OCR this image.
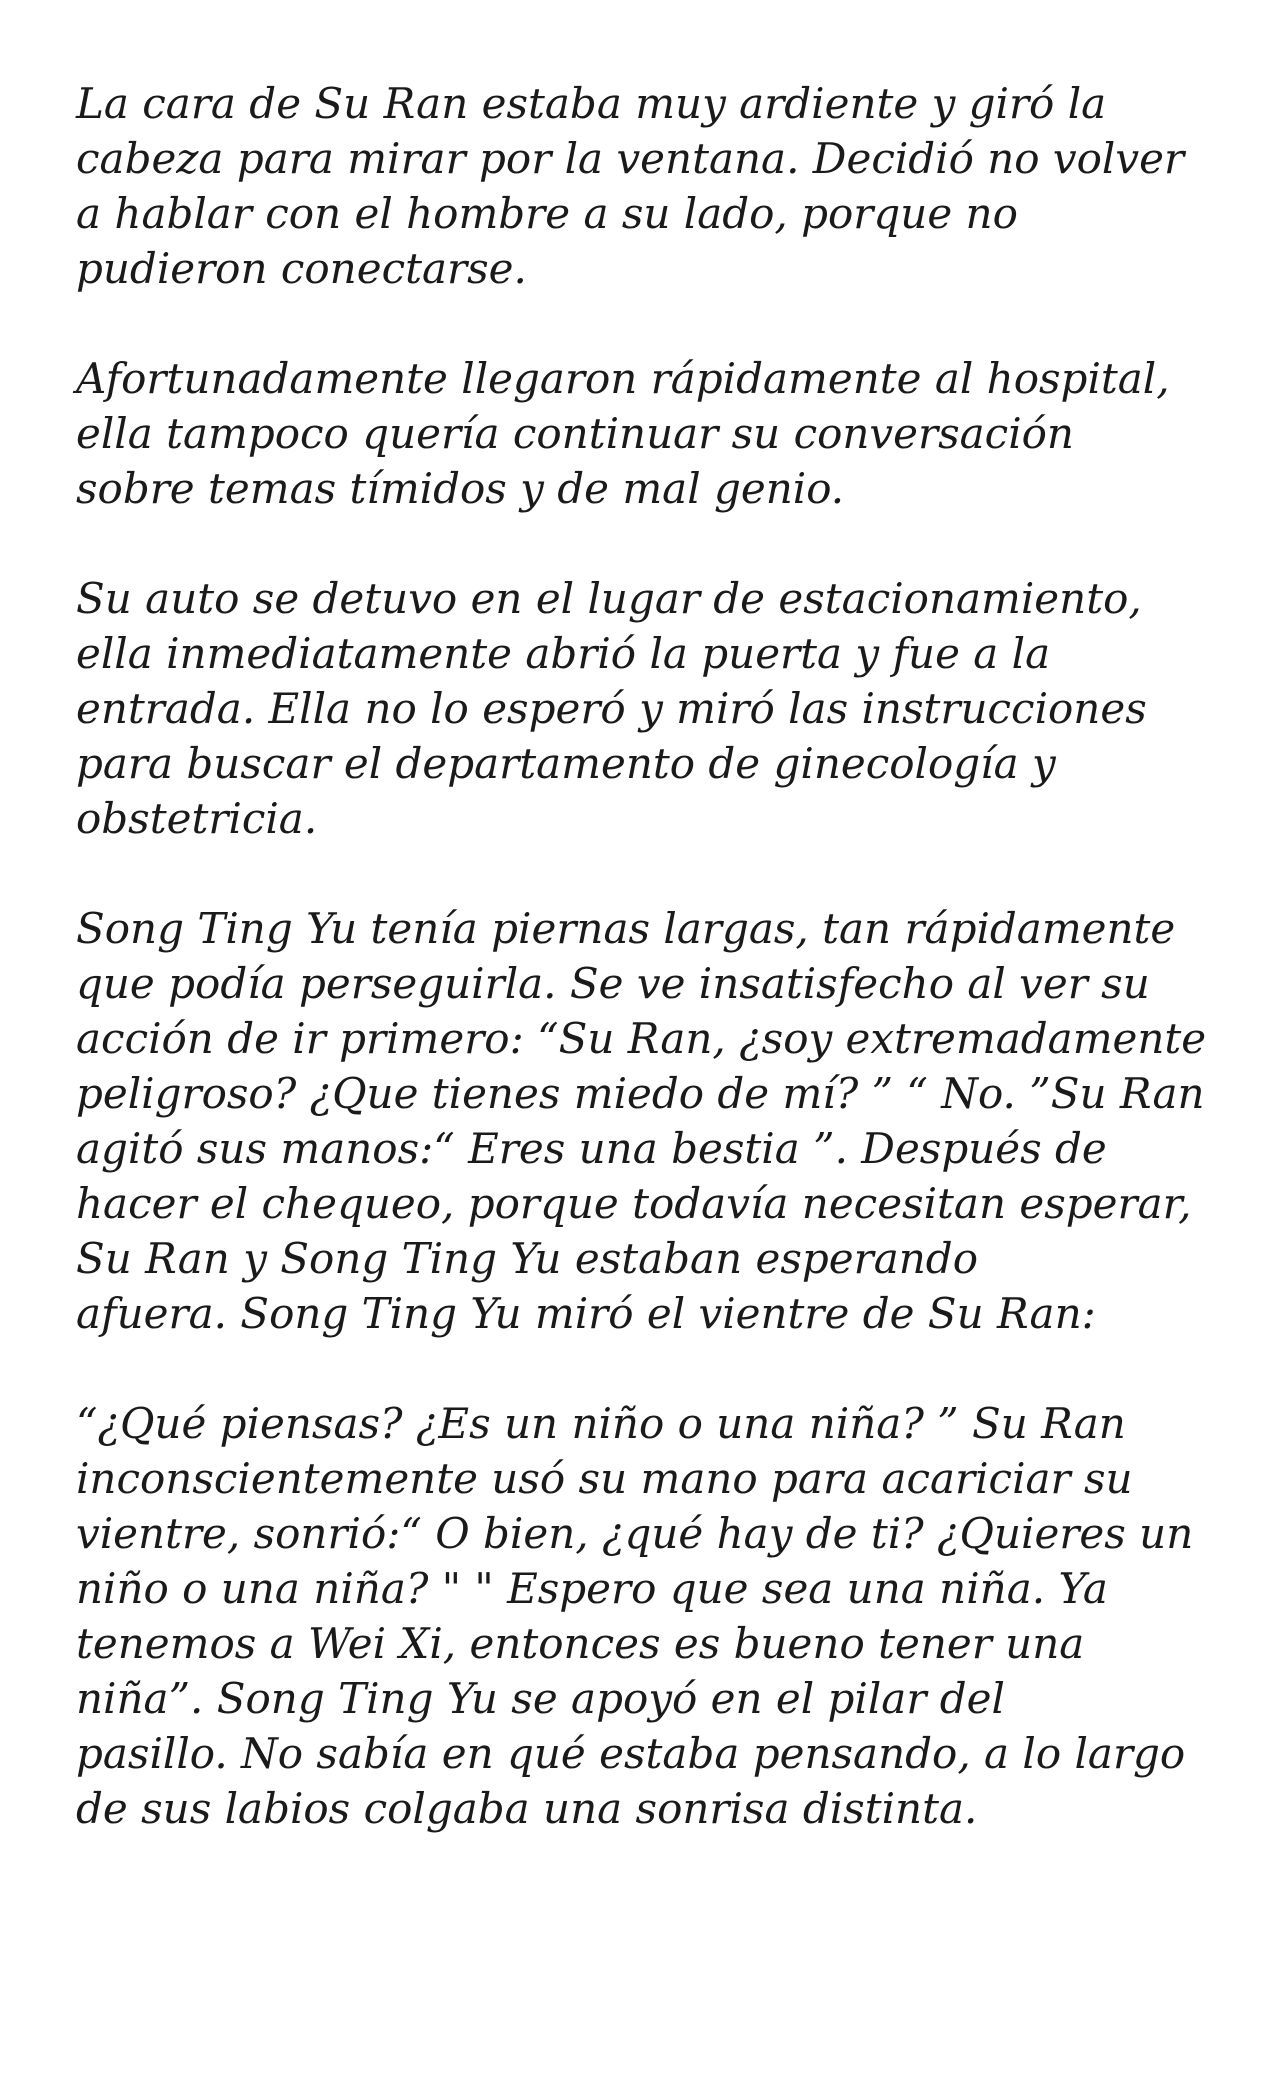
La cara de Su Ran estaba muy ardiente y giró la
cabeza para mirar por la ventana. Decidió no volver
a hablar con el hombre a su lado, porque no
pudieron conectarse.

Afortunadamente llegaron rápidamente al hospital,
ella tampoco quería continuar su conversación
sobre temas tímidos y de mal genio.

Su auto se detuvo en el lugar de estacionamiento,
ella inmediatamente abrió la puerta y fue a la
entrada. Ella no lo esperó y miró las instrucciones
para buscar el departamento de ginecología y
obstetricia.

Song Ting Yu tenía piernas largas, tan rápidamente
que podía perseguirla. Se ve insatisfecho al ver su
acción de ir primero: “Su Ran, ¿soy extremadamente
peligroso? ¿Que tienes miedo de mí? ” “ No. ”Su Ran
agitó sus manos:“ Eres una bestia ”. Después de
hacer el chequeo, porque todavía necesitan esperar,
Su Ran y Song Ting Yu estaban esperando
afuera. Song Ting Yu miró el vientre de Su Ran:

“¿Qué piensas? ¿Es un niño o una niña? ” Su Ran
inconscientemente usó su mano para acariciar su
vientre, sonrió:“ O bien, ¿qué hay de ti? ¿Quieres un
niño o una niña? " " Espero que sea una niña. Ya
tenemos a Wei Xi, entonces es bueno tener una
niña”. Song Ting Yu se apoyó en el pilar del
pasillo. No sabía en qué estaba pensando, a lo largo
de sus labios colgaba una sonrisa distinta.
